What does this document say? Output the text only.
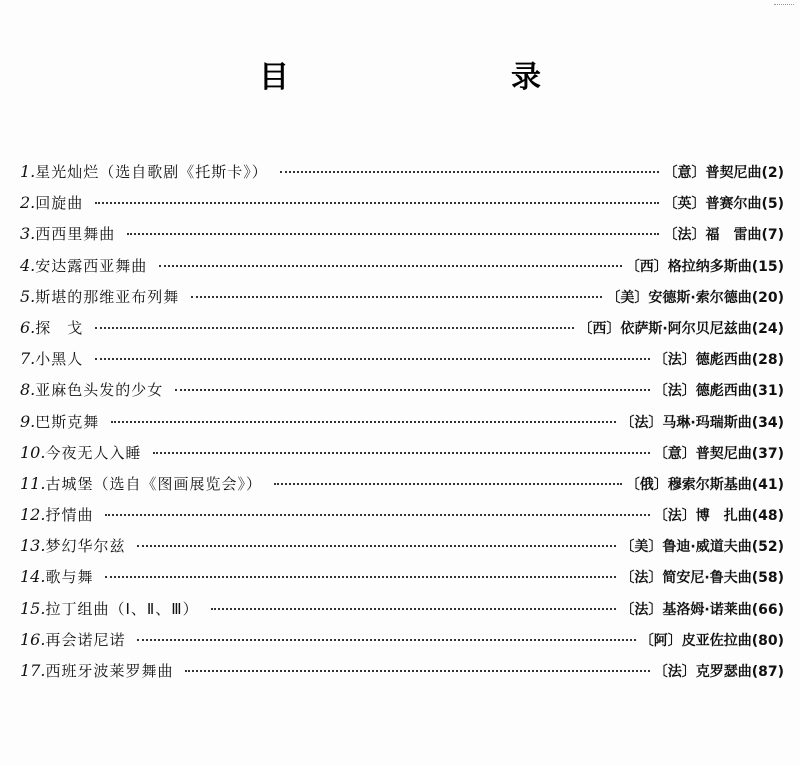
目　录
1. 星光灿烂（选自歌剧《托斯卡》）	〔意〕普契尼曲(2)
2. 回旋曲	〔英〕普赛尔曲(5)
3. 西西里舞曲	〔法〕福　雷曲(7)
4. 安达露西亚舞曲	〔西〕格拉纳多斯曲(15)
5. 斯堪的那维亚布列舞	〔美〕安德斯·索尔德曲(20)
6. 探　戈	〔西〕依萨斯·阿尔贝尼兹曲(24)
7. 小黑人	〔法〕德彪西曲(28)
8. 亚麻色头发的少女	〔法〕德彪西曲(31)
9. 巴斯克舞	〔法〕马琳·玛瑞斯曲(34)
10. 今夜无人入睡	〔意〕普契尼曲(37)
11. 古城堡（选自《图画展览会》）	〔俄〕穆索尔斯基曲(41)
12. 抒情曲	〔法〕博　扎曲(48)
13. 梦幻华尔兹	〔美〕鲁迪·威道夫曲(52)
14. 歌与舞	〔法〕简安尼·鲁夫曲(58)
15. 拉丁组曲（Ⅰ、Ⅱ、Ⅲ）	〔法〕基洛姆·诺莱曲(66)
16. 再会诺尼诺	〔阿〕皮亚佐拉曲(80)
17. 西班牙波莱罗舞曲	〔法〕克罗瑟曲(87)
